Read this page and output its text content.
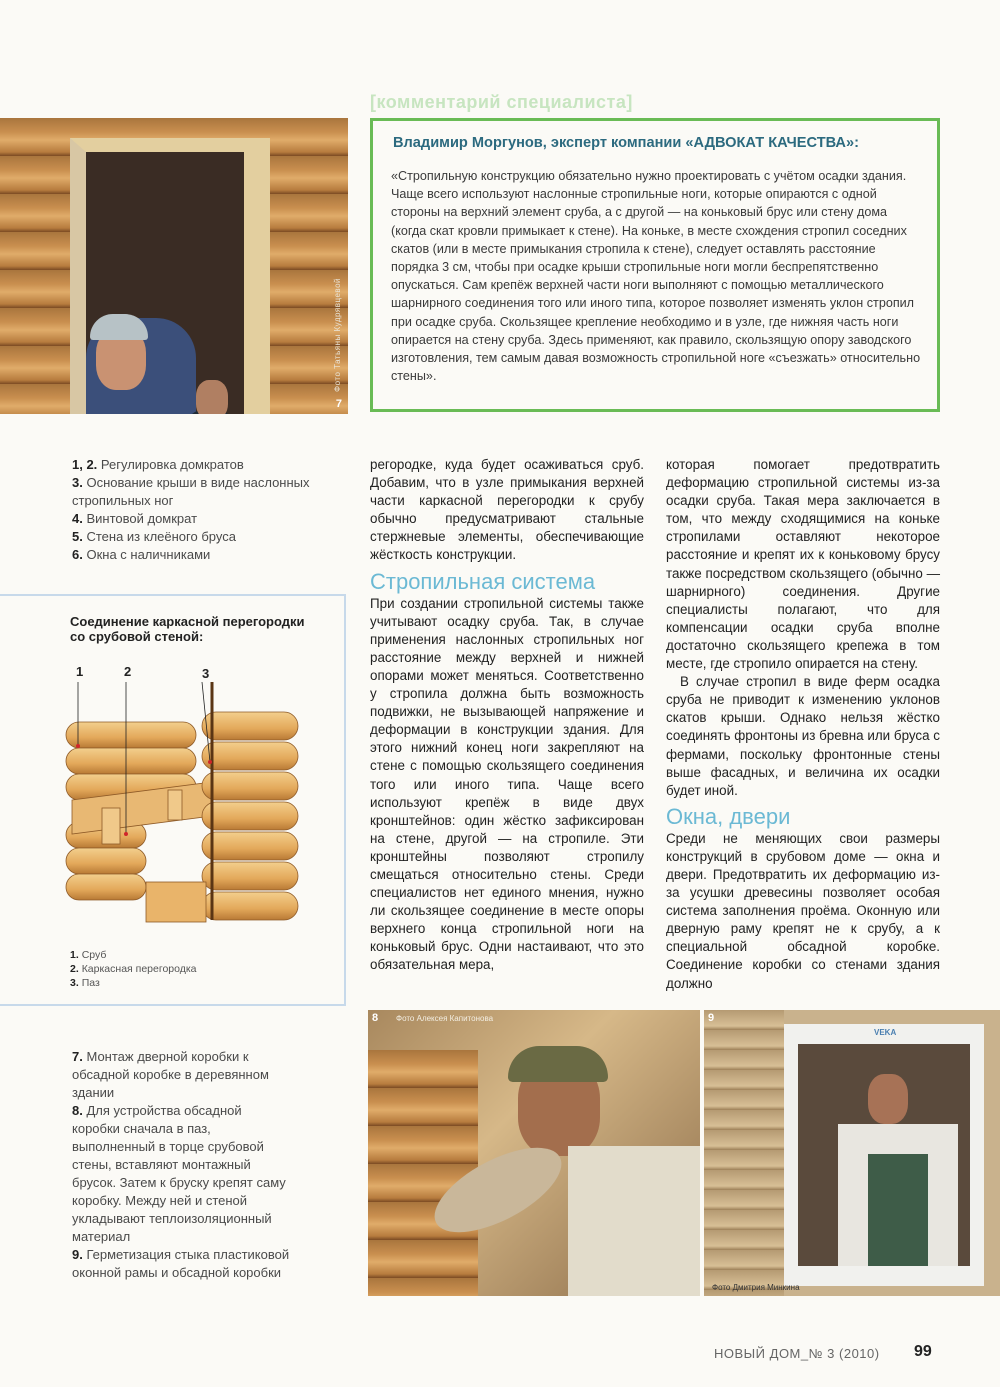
Фото Татьяны Кудрявцевой
7
[комментарий специалиста]
Владимир Моргунов, эксперт компании «АДВОКАТ КАЧЕСТВА»:
«Стропильную конструкцию обязательно нужно проектировать с учётом осадки здания. Чаще всего используют наслонные стропильные ноги, которые опираются с одной стороны на верхний элемент сруба, а с другой — на коньковый брус или стену дома (когда скат кровли примыкает к стене). На коньке, в месте схождения стропил соседних скатов (или в месте примыкания стропила к стене), следует оставлять расстояние порядка 3 см, чтобы при осадке крыши стропильные ноги могли беспрепятственно опускаться. Сам крепёж верхней части ноги выполняют с помощью металлического шарнирного соединения того или иного типа, которое позволяет изменять уклон стропил при осадке сруба. Скользящее крепление необходимо и в узле, где нижняя часть ноги опирается на стену сруба. Здесь применяют, как правило, скользящую опору заводского изготовления, тем самым давая возможность стропильной ноге «съезжать» относительно стены».
1, 2. Регулировка домкратов
3. Основание крыши в виде наслонных стропильных ног
4. Винтовой домкрат
5. Стена из клеёного бруса
6. Окна с наличниками
Соединение каркасной перегородки со срубовой стеной:
1	2	3
1. Сруб
2. Каркасная перегородка
3. Паз

регородке, куда будет осаживаться сруб. Добавим, что в узле примыкания верхней части каркасной перегородки к срубу обычно предусматривают стальные стержневые элементы, обеспечивающие жёсткость конструкции.

Стропильная система

При создании стропильной системы также учитывают осадку сруба. Так, в случае применения наслонных стропильных ног расстояние между верхней и нижней опорами может меняться. Соответственно у стропила должна быть возможность подвижки, не вызывающей напряжение и деформации в конструкции здания. Для этого нижний конец ноги закрепляют на стене с помощью скользящего соединения того или иного типа. Чаще всего используют крепёж в виде двух кронштейнов: один жёстко зафиксирован на стене, другой — на стропиле. Эти кронштейны позволяют стропилу смещаться относительно стены. Среди специалистов нет единого мнения, нужно ли скользящее соединение в месте опоры верхнего конца стропильной ноги на коньковый брус. Одни настаивают, что это обязательная мера,

которая помогает предотвратить деформацию стропильной системы из-за осадки сруба. Такая мера заключается в том, что между сходящимися на коньке стропилами оставляют некоторое расстояние и крепят их к коньковому брусу также посредством скользящего (обычно — шарнирного) соединения. Другие специалисты полагают, что для компенсации осадки сруба вполне достаточно скользящего крепежа в том месте, где стропило опирается на стену.

В случае стропил в виде ферм осадка сруба не приводит к изменению уклонов скатов крыши. Однако нельзя жёстко соединять фронтоны из бревна или бруса с фермами, поскольку фронтонные стены выше фасадных, и величина их осадки будет иной.

Окна, двери

Среди не меняющих свои размеры конструкций в срубовом доме — окна и двери. Предотвратить их деформацию из-за усушки древесины позволяет особая система заполнения проёма. Оконную или дверную раму крепят не к срубу, а к специальной обсадной коробке. Соединение коробки со стенами здания должно

7. Монтаж дверной коробки к обсадной коробке в деревянном здании
8. Для устройства обсадной коробки сначала в паз, выполненный в торце срубовой стены, вставляют монтажный брусок. Затем к бруску крепят саму коробку. Между ней и стеной укладывают теплоизоляционный материал
9. Герметизация стыка пластиковой оконной рамы и обсадной коробки
8 Фото Алексея Капитонова
VEKA
9
Фото Дмитрия Минкина
НОВЫЙ ДОМ_№ 3 (2010) 99
